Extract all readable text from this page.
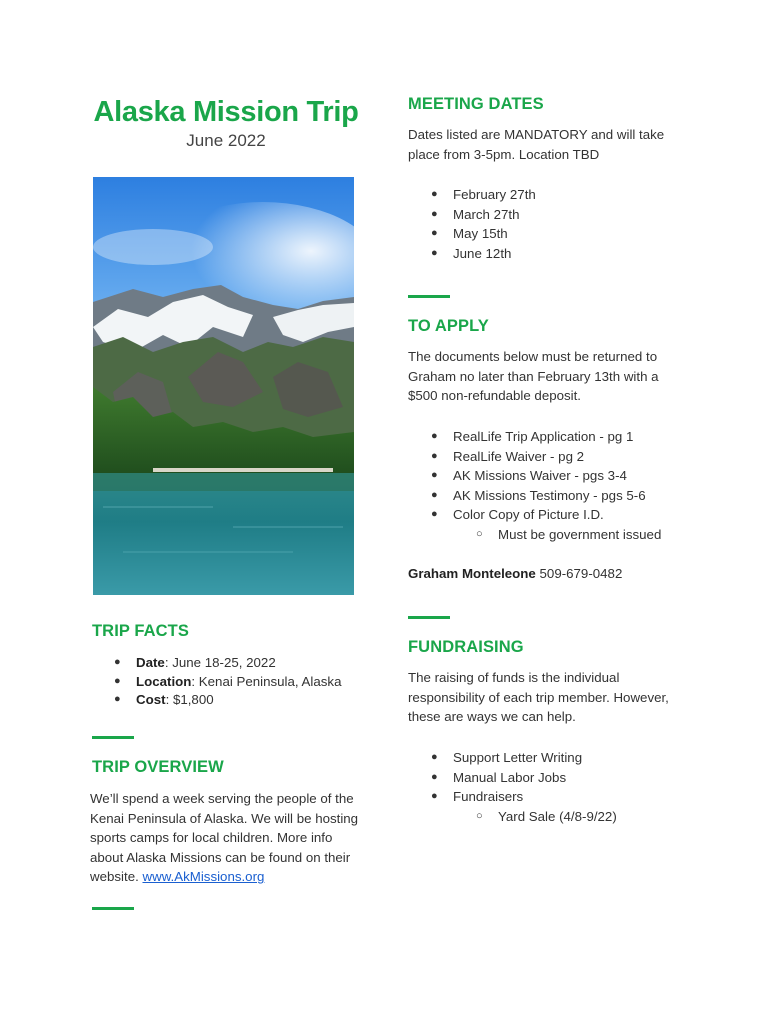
Alaska Mission Trip
June 2022
TRIP FACTS
● Date: June 18-25, 2022
● Location: Kenai Peninsula, Alaska
● Cost: $1,800
TRIP OVERVIEW
We’ll spend a week serving the people of the Kenai Peninsula of Alaska. We will be hosting sports camps for local children. More info about Alaska Missions can be found on their website. www.AkMissions.org
MEETING DATES
Dates listed are MANDATORY and will take place from 3-5pm. Location TBD
● February 27th
● March 27th
● May 15th
● June 12th
TO APPLY
The documents below must be returned to Graham no later than February 13th with a $500 non-refundable deposit.
● RealLife Trip Application - pg 1
● RealLife Waiver - pg 2
● AK Missions Waiver - pgs 3-4
● AK Missions Testimony - pgs 5-6
● Color Copy of Picture I.D.
○ Must be government issued
Graham Monteleone 509-679-0482
FUNDRAISING
The raising of funds is the individual responsibility of each trip member. However, these are ways we can help.
● Support Letter Writing
● Manual Labor Jobs
● Fundraisers
○ Yard Sale (4/8-9/22)
